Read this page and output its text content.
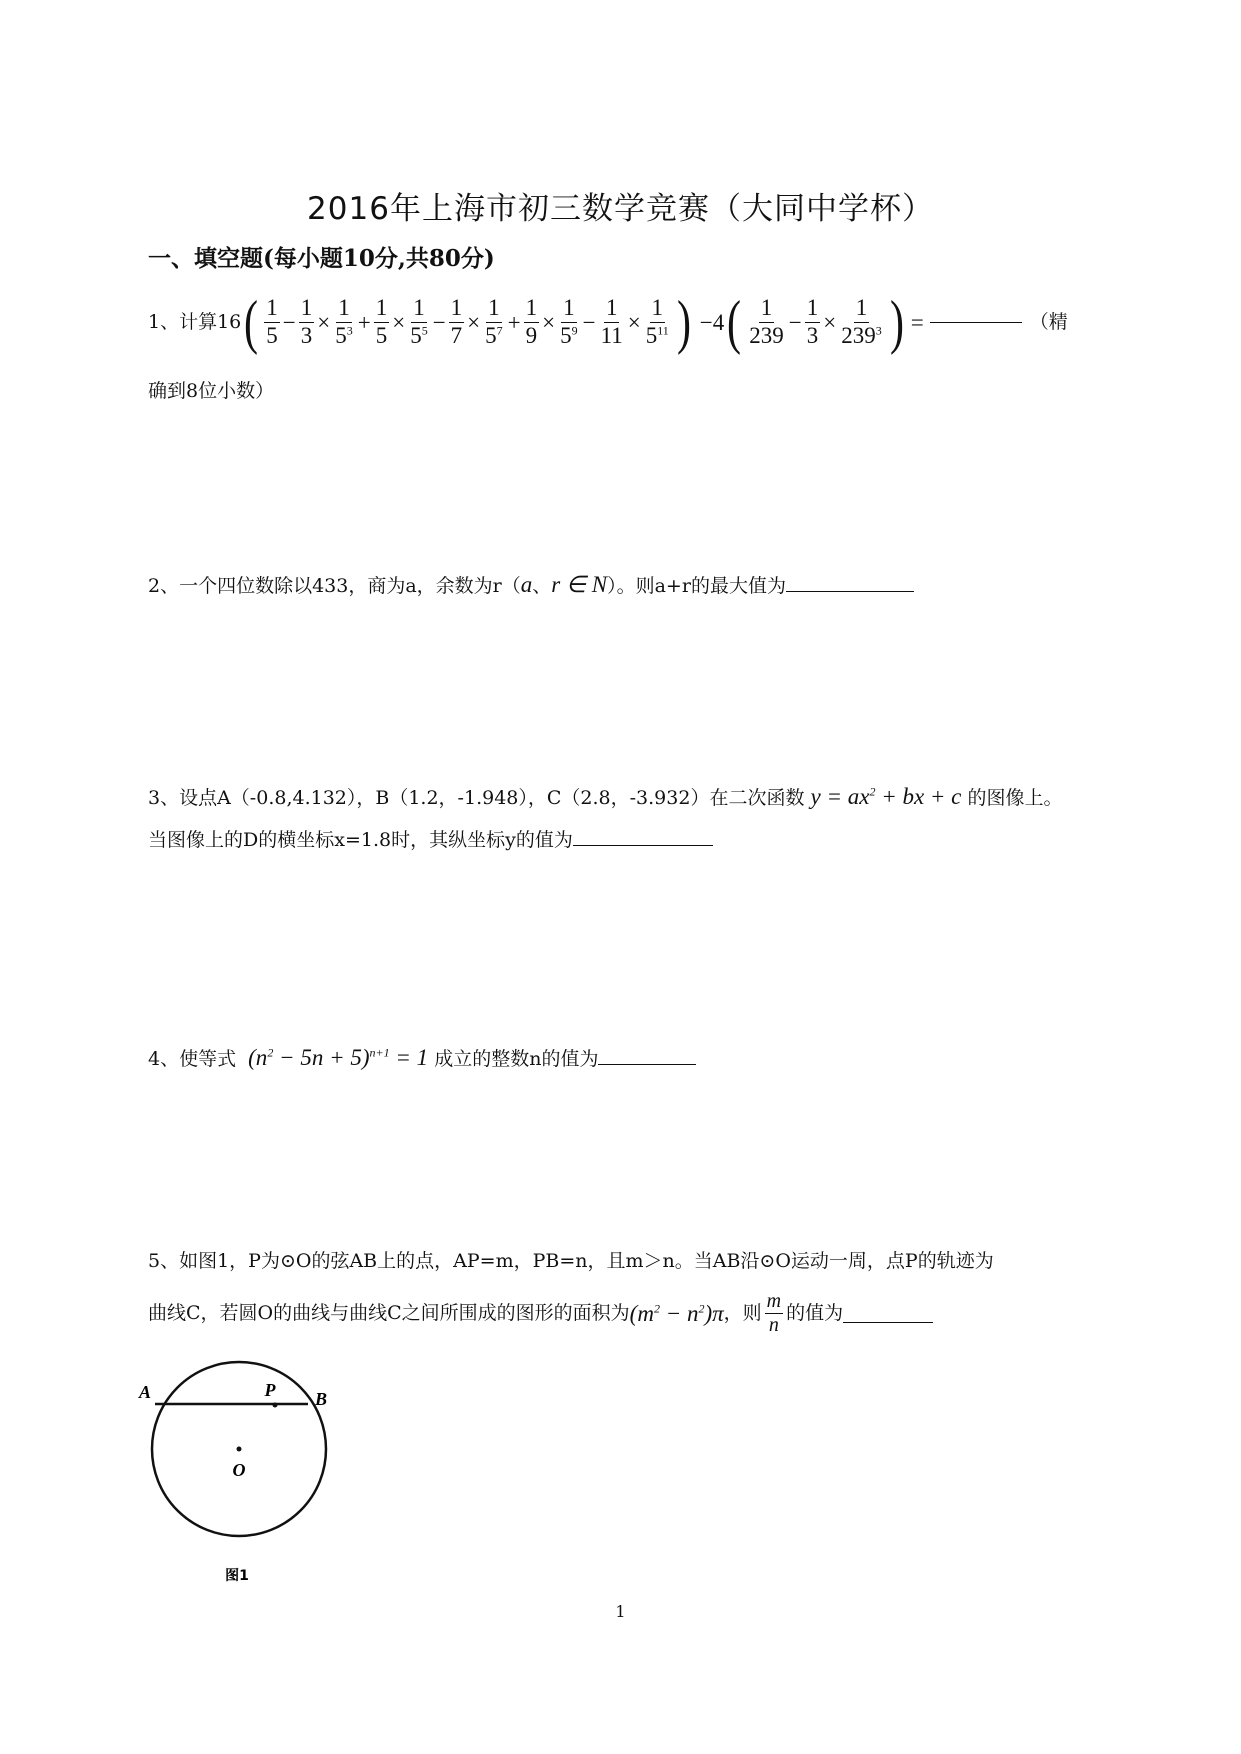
2016年上海市初三数学竞赛（大同中学杯）
一、填空题(每小题10分,共80分)
1、计算16 ( $\frac{1}{5} - \frac{1}{3} \times \frac{1}{5^3} + \frac{1}{5} \times \frac{1}{5^5} - \frac{1}{7} \times \frac{1}{5^7} + \frac{1}{9} \times \frac{1}{5^9} - \frac{1}{11} \times \frac{1}{5^{11}}$ ) −4 ( $\frac{1}{239} - \frac{1}{3} \times \frac{1}{239^3}$ ) =	（精
确到8位小数）
2、一个四位数除以433，商为a，余数为r（a、r ∈ N）。则a+r的最大值为
3、设点A（-0.8,4.132），B（1.2，-1.948），C（2.8，-3.932）在二次函数 $y = ax^2$ + bx + c 的图像上。
当图像上的D的横坐标x=1.8时，其纵坐标y的值为
4、使等式 $(n^2 - 5n + 5)^{n+1} = 1$ 成立的整数n的值为
5、如图1，P为⊙O的弦AB上的点，AP=m，PB=n，且m＞n。当AB沿⊙O运动一周，点P的轨迹为
曲线C，若圆O的曲线与曲线C之间所围成的图形的面积为 $(m^2 - n^2)\pi$ ，则 $\frac{m}{n}$ 的值为
A	P B
O
图1
1
